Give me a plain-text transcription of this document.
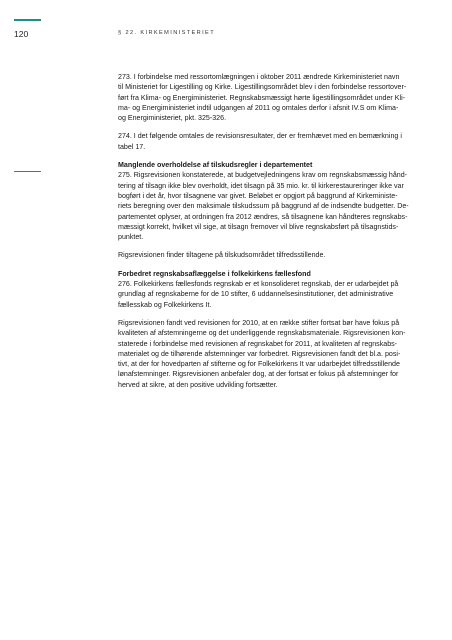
120	§ 22. KIRKEMINISTERIET
273. I forbindelse med ressortomlægningen i oktober 2011 ændrede Kirkeministeriet navn
til Ministeriet for Ligestilling og Kirke. Ligestillingsområdet blev i den forbindelse ressortover-
ført fra Klima- og Energiministeriet. Regnskabsmæssigt hørte ligestillingsområdet under Kli-
ma- og Energiministeriet indtil udgangen af 2011 og omtales derfor i afsnit IV.S om Klima-
og Energiministeriet, pkt. 325-326.
274. I det følgende omtales de revisionsresultater, der er fremhævet med en bemærkning i
tabel 17.
Manglende overholdelse af tilskudsregler i departementet
275. Rigsrevisionen konstaterede, at budgetvejledningens krav om regnskabsmæssig hånd-
tering af tilsagn ikke blev overholdt, idet tilsagn på 35 mio. kr. til kirkerestaureringer ikke var
bogført i det år, hvor tilsagnene var givet. Beløbet er opgjort på baggrund af Kirkeministe-
riets beregning over den maksimale tilskudssum på baggrund af de indsendte budgetter. De-
partementet oplyser, at ordningen fra 2012 ændres, så tilsagnene kan håndteres regnskabs-
mæssigt korrekt, hvilket vil sige, at tilsagn fremover vil blive regnskabsført på tilsagnstids-
punktet.
Rigsrevisionen finder tiltagene på tilskudsområdet tilfredsstillende.
Forbedret regnskabsaflæggelse i folkekirkens fællesfond
276. Folkekirkens fællesfonds regnskab er et konsolideret regnskab, der er udarbejdet på
grundlag af regnskaberne for de 10 stifter, 6 uddannelsesinstitutioner, det administrative
fællesskab og Folkekirkens It.
Rigsrevisionen fandt ved revisionen for 2010, at en række stifter fortsat bør have fokus på
kvaliteten af afstemningerne og det underliggende regnskabsmateriale. Rigsrevisionen kon-
staterede i forbindelse med revisionen af regnskabet for 2011, at kvaliteten af regnskabs-
materialet og de tilhørende afstemninger var forbedret. Rigsrevisionen fandt det bl.a. posi-
tivt, at der for hovedparten af stifterne og for Folkekirkens It var udarbejdet tilfredsstillende
lønafstemninger. Rigsrevisionen anbefaler dog, at der fortsat er fokus på afstemninger for
herved at sikre, at den positive udvikling fortsætter.
